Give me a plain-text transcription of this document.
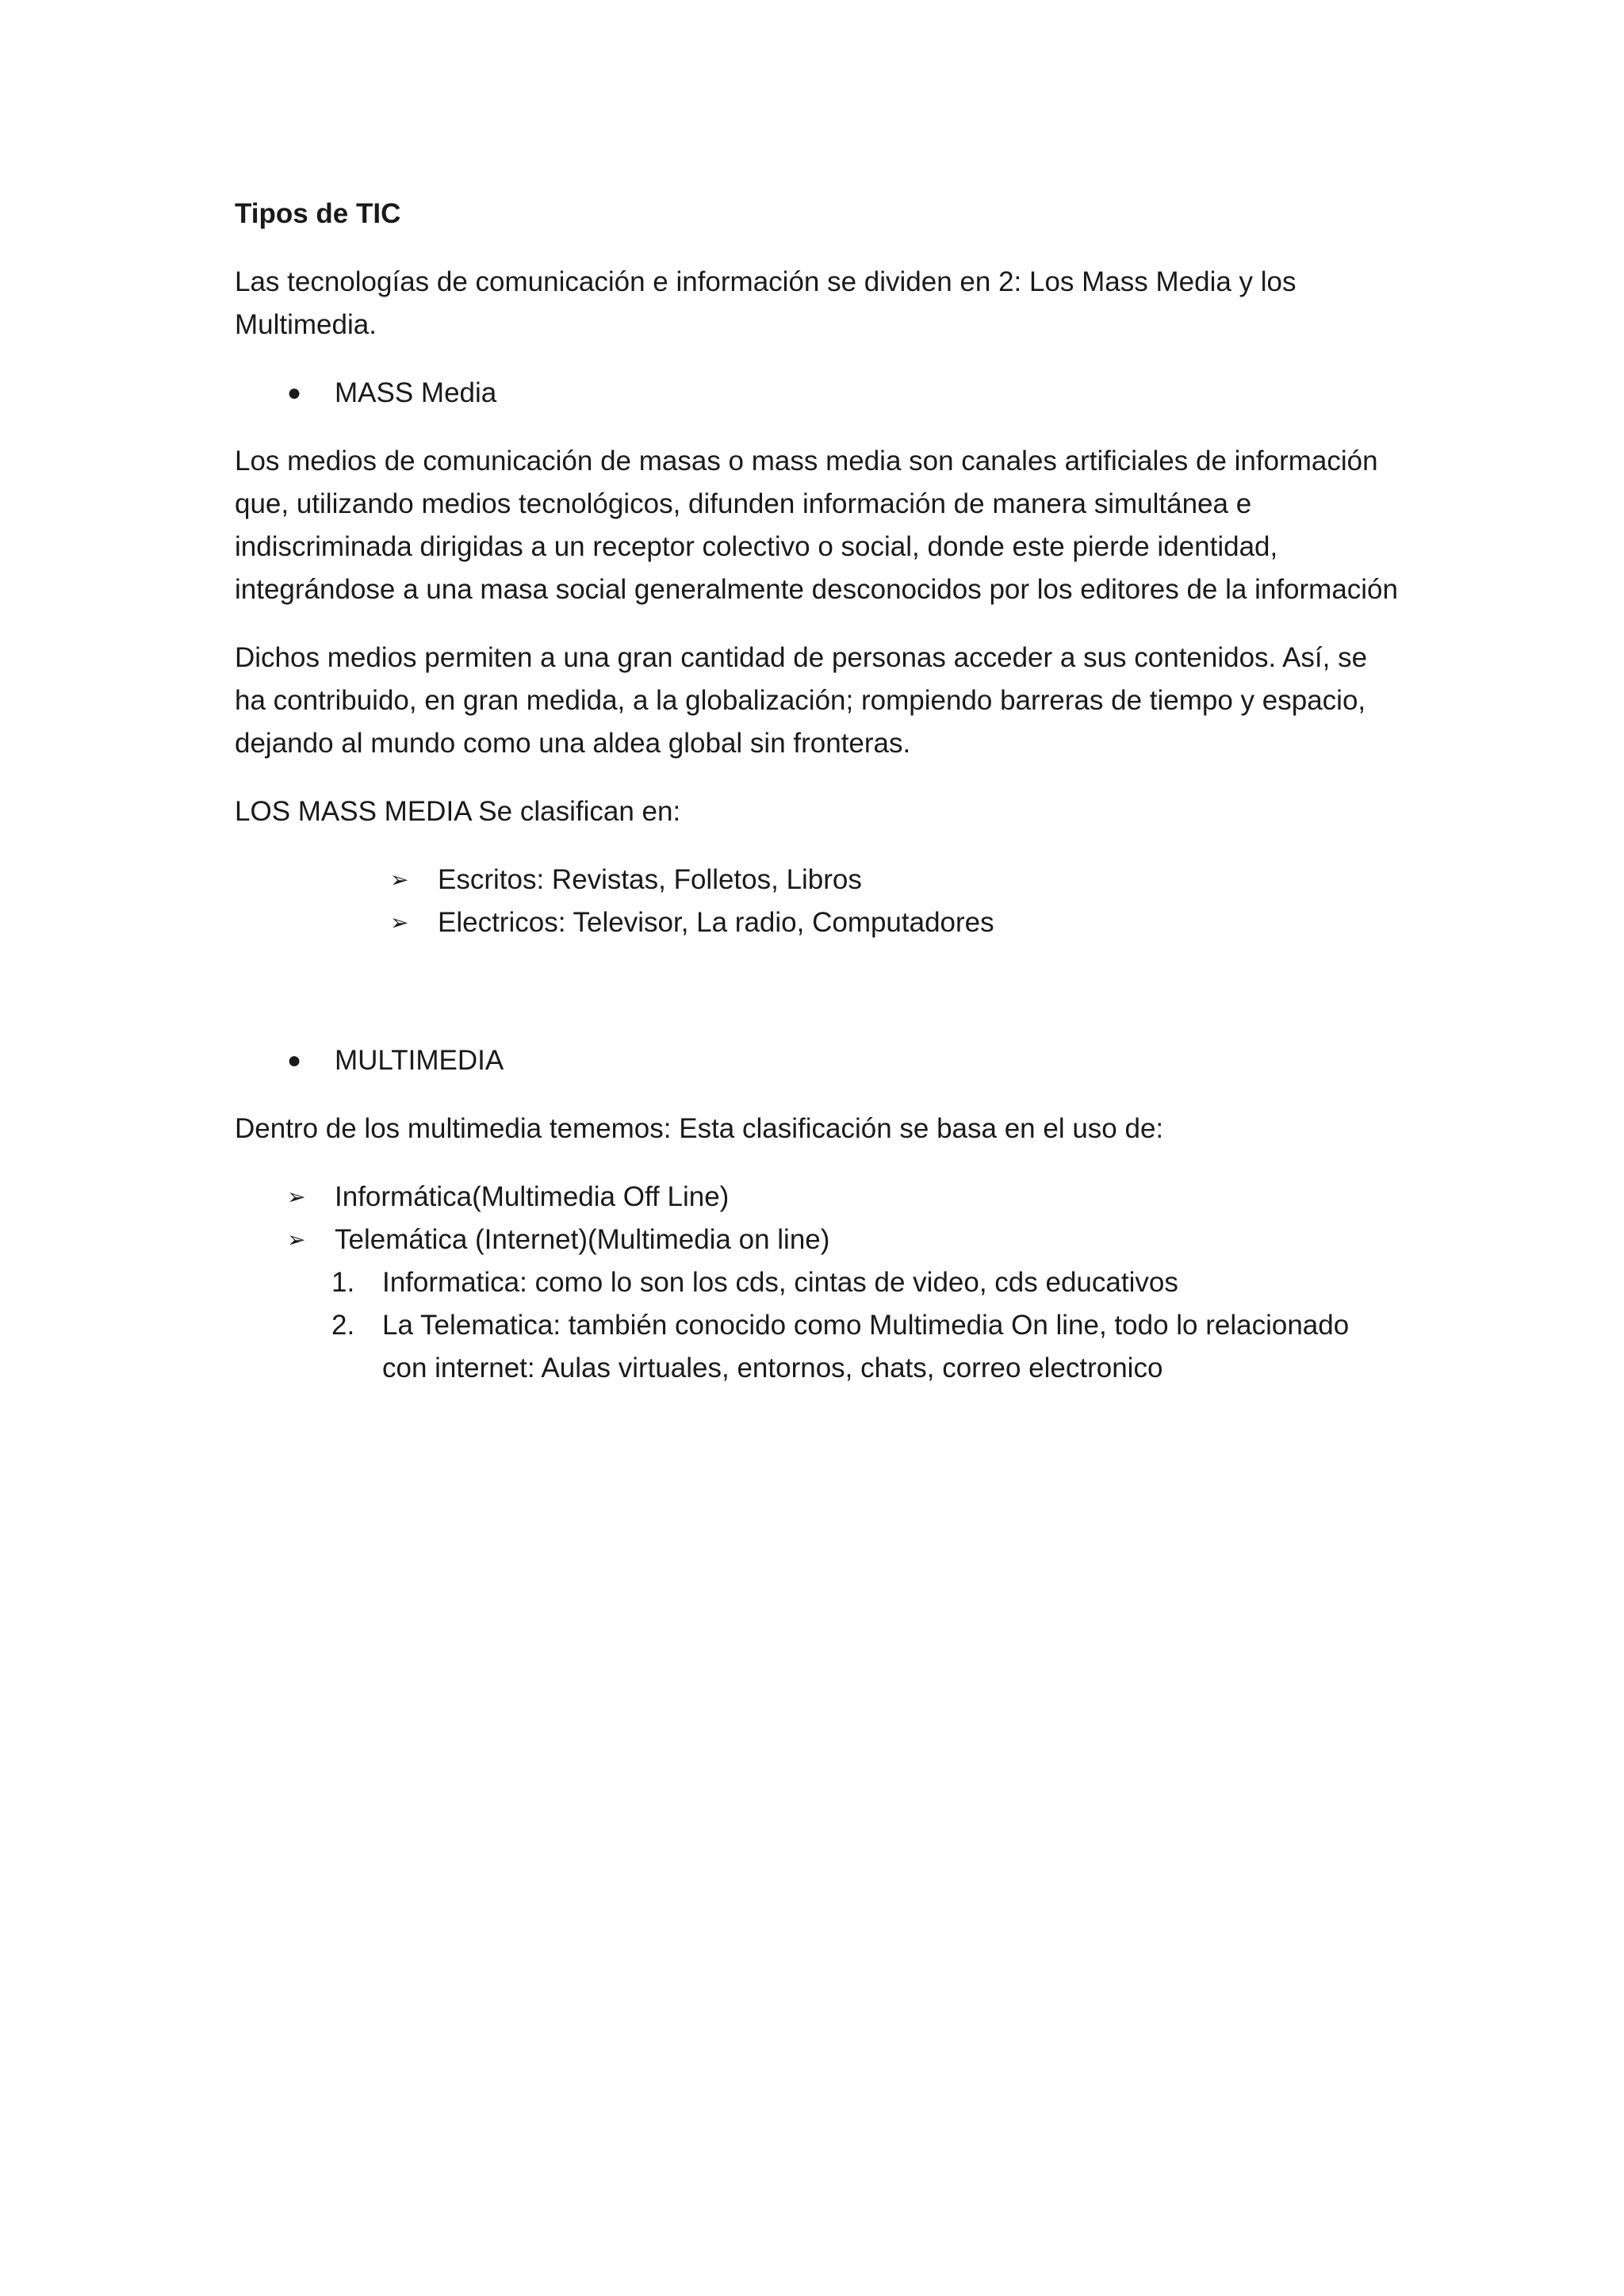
Tipos de TIC

Las tecnologías de comunicación e información se dividen en 2: Los Mass Media y los Multimedia.

● MASS Media

Los medios de comunicación de masas o mass media son canales artificiales de información que, utilizando medios tecnológicos, difunden información de manera simultánea e indiscriminada dirigidas a un receptor colectivo o social, donde este pierde identidad, integrándose a una masa social generalmente desconocidos por los editores de la información

Dichos medios permiten a una gran cantidad de personas acceder a sus contenidos. Así, se ha contribuido, en gran medida, a la globalización; rompiendo barreras de tiempo y espacio, dejando al mundo como una aldea global sin fronteras.

LOS MASS MEDIA Se clasifican en:

➢ Escritos: Revistas, Folletos, Libros
➢ Electricos: Televisor, La radio, Computadores
● MULTIMEDIA

Dentro de los multimedia tememos: Esta clasificación se basa en el uso de:

➢ Informática(Multimedia Off Line)
➢ Telemática (Internet)(Multimedia on line)
1. Informatica: como lo son los cds, cintas de video, cds educativos
2. La Telematica: también conocido como Multimedia On line, todo lo relacionado con internet: Aulas virtuales, entornos, chats, correo electronico
